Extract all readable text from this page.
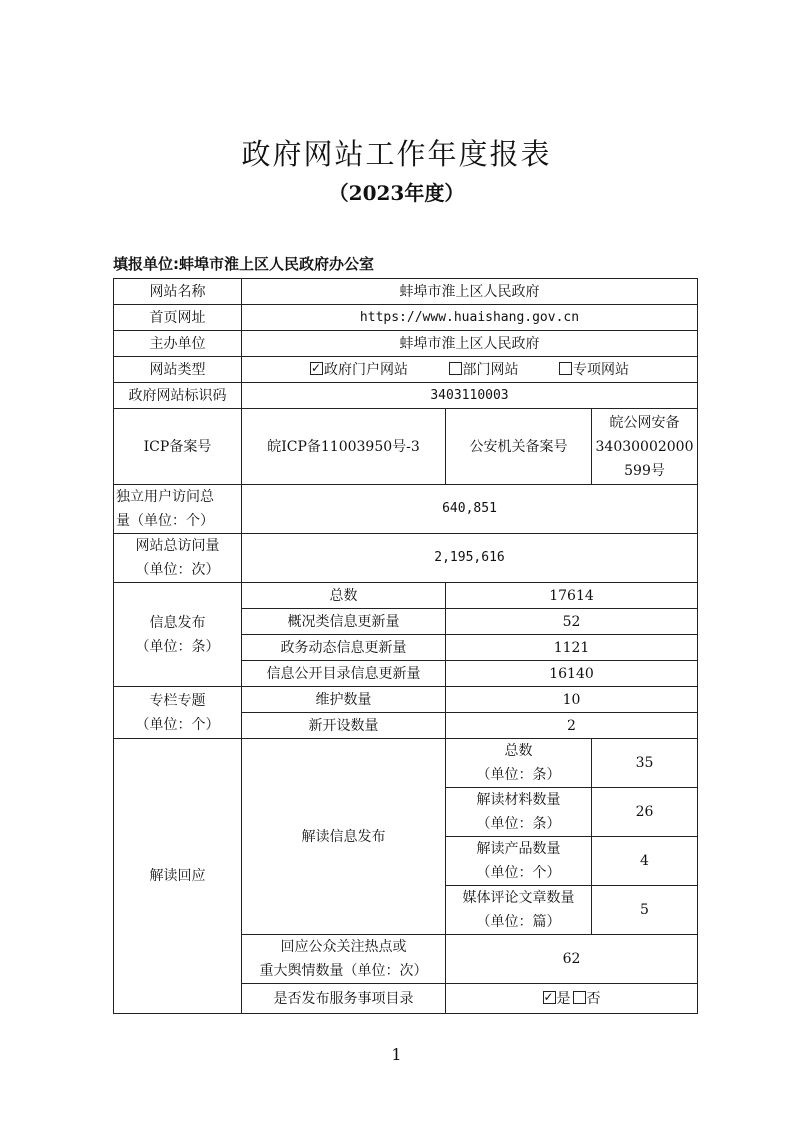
政府网站工作年度报表
（2023年度）
填报单位:蚌埠市淮上区人民政府办公室
网站名称	蚌埠市淮上区人民政府		
首页网址	https://www.huaishang.gov.cn		
主办单位	蚌埠市淮上区人民政府		
网站类型	✓政府门户网站 部门网站 专项网站
政府网站标识码	3403110003		
ICP备案号	皖ICP备11003950号-3	公安机关备案号	皖公网安备
34030002000
599号

独立用户访问总
量（单位：个）	640,851		

网站总访问量
（单位：次）	2,195,616		

信息发布
（单位：条）	总数	17614	
	概况类信息更新量	52	
	政务动态信息更新量	1121	
	信息公开目录信息更新量	16140	

专栏专题
（单位：个）	维护数量	10	
	新开设数量	2	
解读回应	解读信息发布	总数
（单位：条）	35

		解读材料数量
（单位：条）	26

		解读产品数量
（单位：个）	4

		媒体评论文章数量
（单位：篇）	5

	回应公众关注热点或
重大舆情数量（单位：次）	62	
	是否发布服务事项目录	✓是 否
1
